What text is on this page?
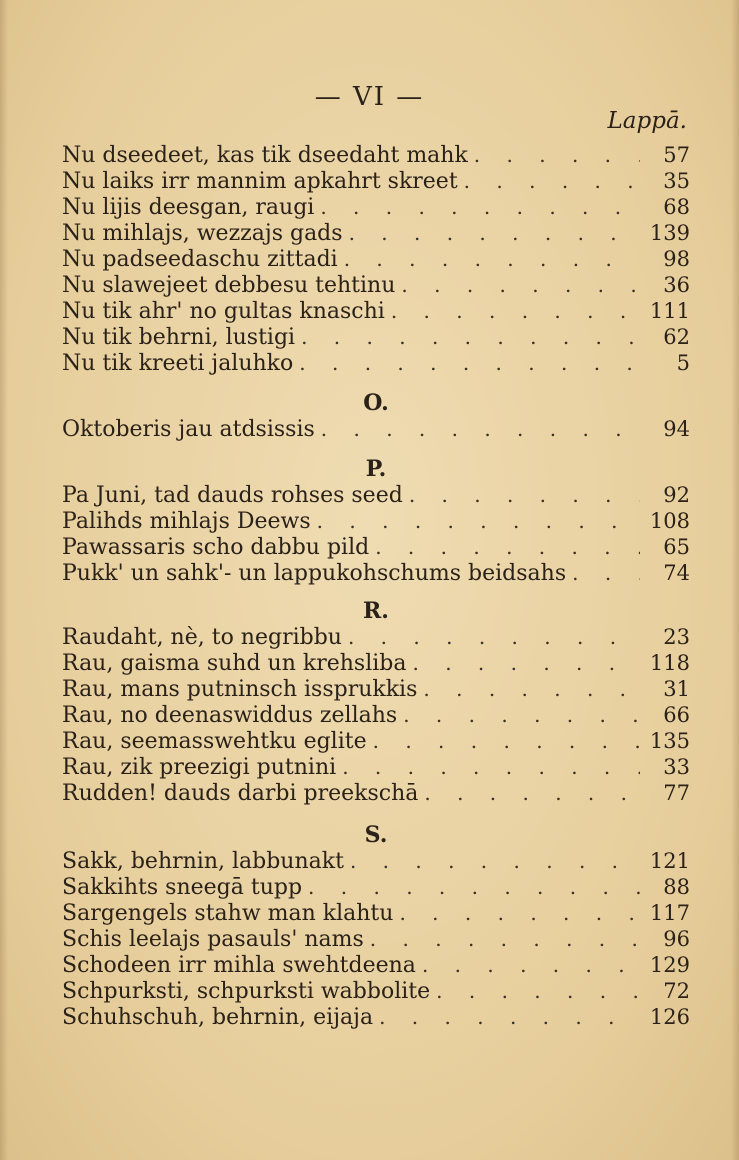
— VI —
Lappā.
Nu dseedeet, kas tik dseedaht mahk . . .	57
Nu laiks irr mannim apkahrt skreet . . .	35
Nu lijis deesgan, raugi . . .	68
Nu mihlajs, wezzajs gads . . .	139
Nu padseedaschu zittadi . . .	98
Nu slawejeet debbesu tehtinu . . .	36
Nu tik ahr' no gultas knaschi . . .	111
Nu tik behrni, lustigi . . .	62
Nu tik kreeti jaluhko . . .	5
O.
Oktoberis jau atdsissis . . .	94
P.
Pa Juni, tad dauds rohses seed . . .	92
Palihds mihlajs Deews . . .	108
Pawassaris scho dabbu pild . . .	65
Pukk' un sahk'- un lappukohschums beidsahs . . .	74
R.
Raudaht, nè, to negribbu . . .	23
Rau, gaisma suhd un krehsliba . . .	118
Rau, mans putninsch issprukkis . . .	31
Rau, no deenaswiddus zellahs . . .	66
Rau, seemasswehtku eglite . . .	135
Rau, zik preezigi putnini . . .	33
Rudden! dauds darbi preekschā . . .	77
S.
Sakk, behrnin, labbunakt . . .	121
Sakkihts sneegā tupp . . .	88
Sargengels stahw man klahtu . . .	117
Schis leelajs pasauls' nams . . .	96
Schodeen irr mihla swehtdeena . . .	129
Schpurksti, schpurksti wabbolite . . .	72
Schuhschuh, behrnin, eijaja . . .	126
